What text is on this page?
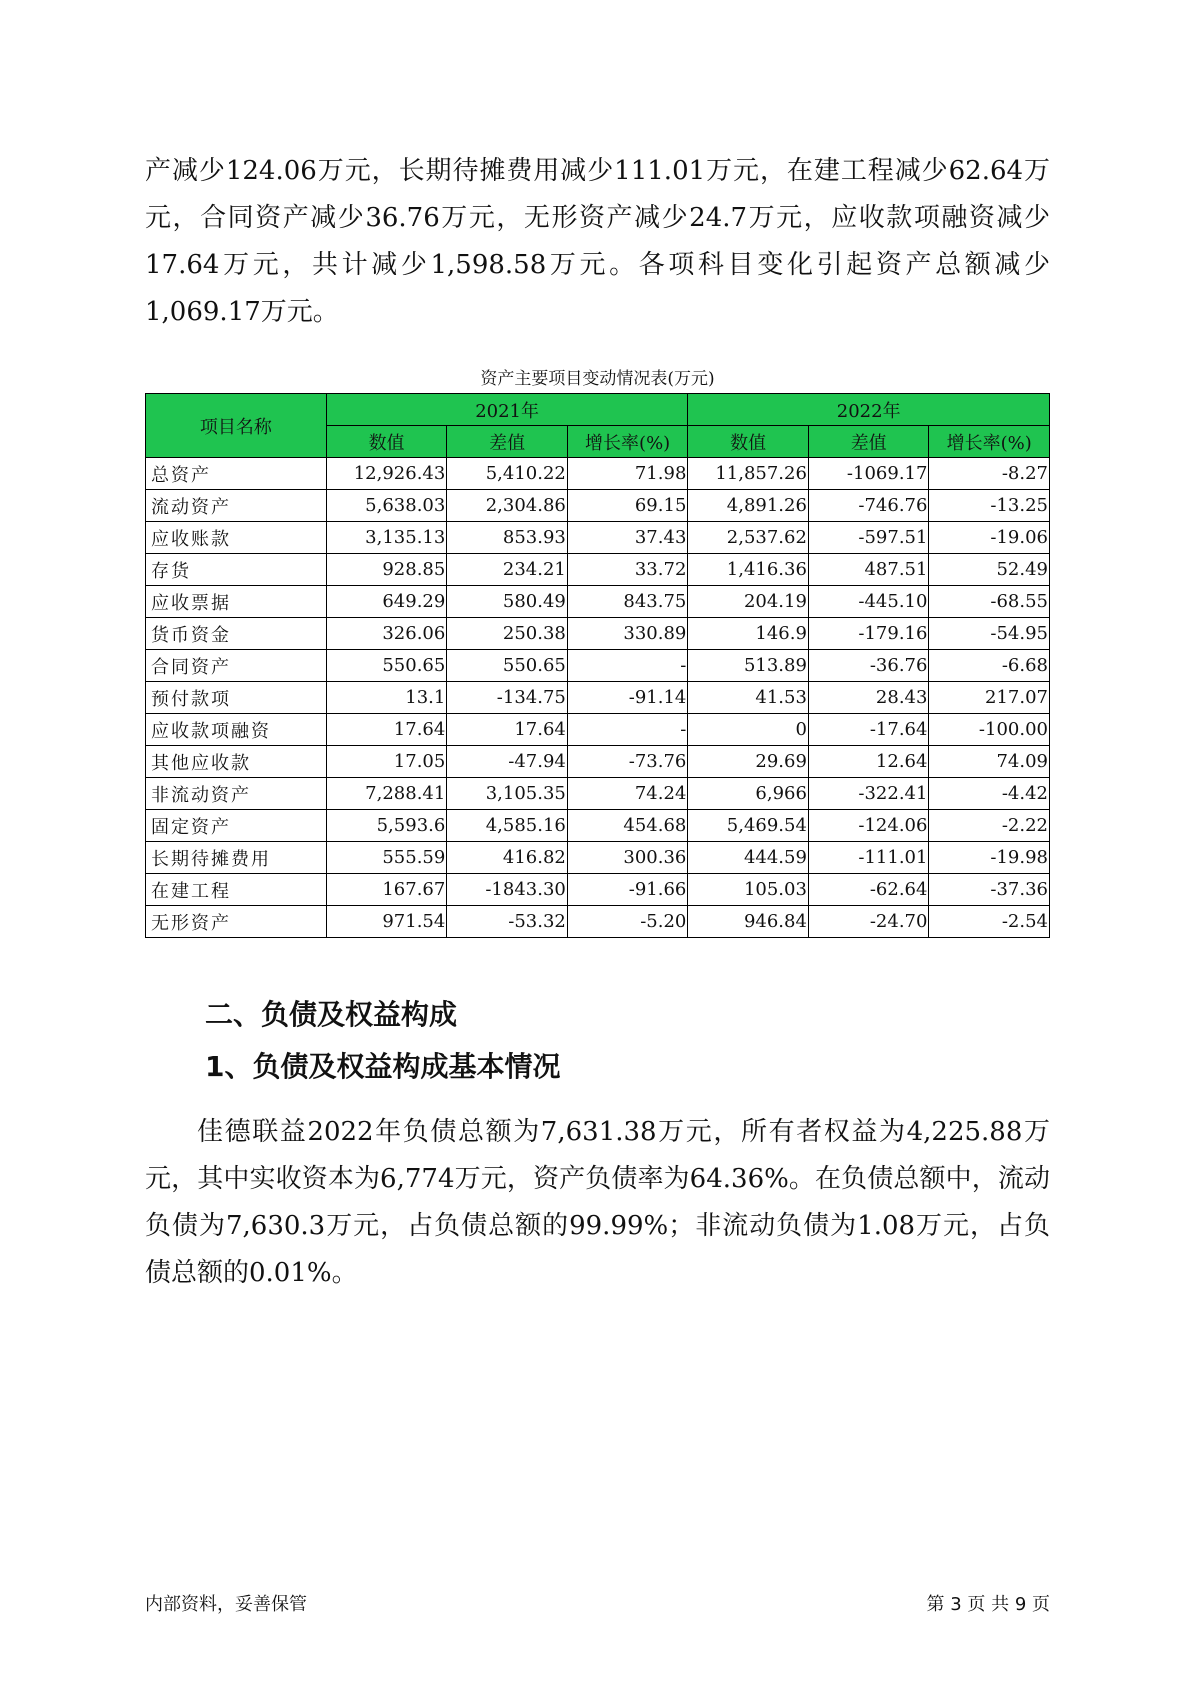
产减少124.06万元，长期待摊费用减少111.01万元，在建工程减少62.64万元，合同资产减少36.76万元，无形资产减少24.7万元，应收款项融资减少17.64万元，共计减少1,598.58万元。各项科目变化引起资产总额减少1,069.17万元。
资产主要项目变动情况表(万元)
项目名称	2021年			2022年		
	数值	差值	增长率(%)	数值	差值	增长率(%)
总资产	12,926.43	5,410.22	71.98	11,857.26	-1069.17	-8.27
流动资产	5,638.03	2,304.86	69.15	4,891.26	-746.76	-13.25
应收账款	3,135.13	853.93	37.43	2,537.62	-597.51	-19.06
存货	928.85	234.21	33.72	1,416.36	487.51	52.49
应收票据	649.29	580.49	843.75	204.19	-445.10	-68.55
货币资金	326.06	250.38	330.89	146.9	-179.16	-54.95
合同资产	550.65	550.65	-	513.89	-36.76	-6.68
预付款项	13.1	-134.75	-91.14	41.53	28.43	217.07
应收款项融资	17.64	17.64	-	0	-17.64	-100.00
其他应收款	17.05	-47.94	-73.76	29.69	12.64	74.09
非流动资产	7,288.41	3,105.35	74.24	6,966	-322.41	-4.42
固定资产	5,593.6	4,585.16	454.68	5,469.54	-124.06	-2.22
长期待摊费用	555.59	416.82	300.36	444.59	-111.01	-19.98
在建工程	167.67	-1843.30	-91.66	105.03	-62.64	-37.36
无形资产	971.54	-53.32	-5.20	946.84	-24.70	-2.54
二、负债及权益构成
1、负债及权益构成基本情况
佳德联益2022年负债总额为7,631.38万元，所有者权益为4,225.88万元，其中实收资本为6,774万元，资产负债率为64.36%。在负债总额中，流动负债为7,630.3万元，占负债总额的99.99%；非流动负债为1.08万元，占负债总额的0.01%。
内部资料，妥善保管	第 3 页 共 9 页
